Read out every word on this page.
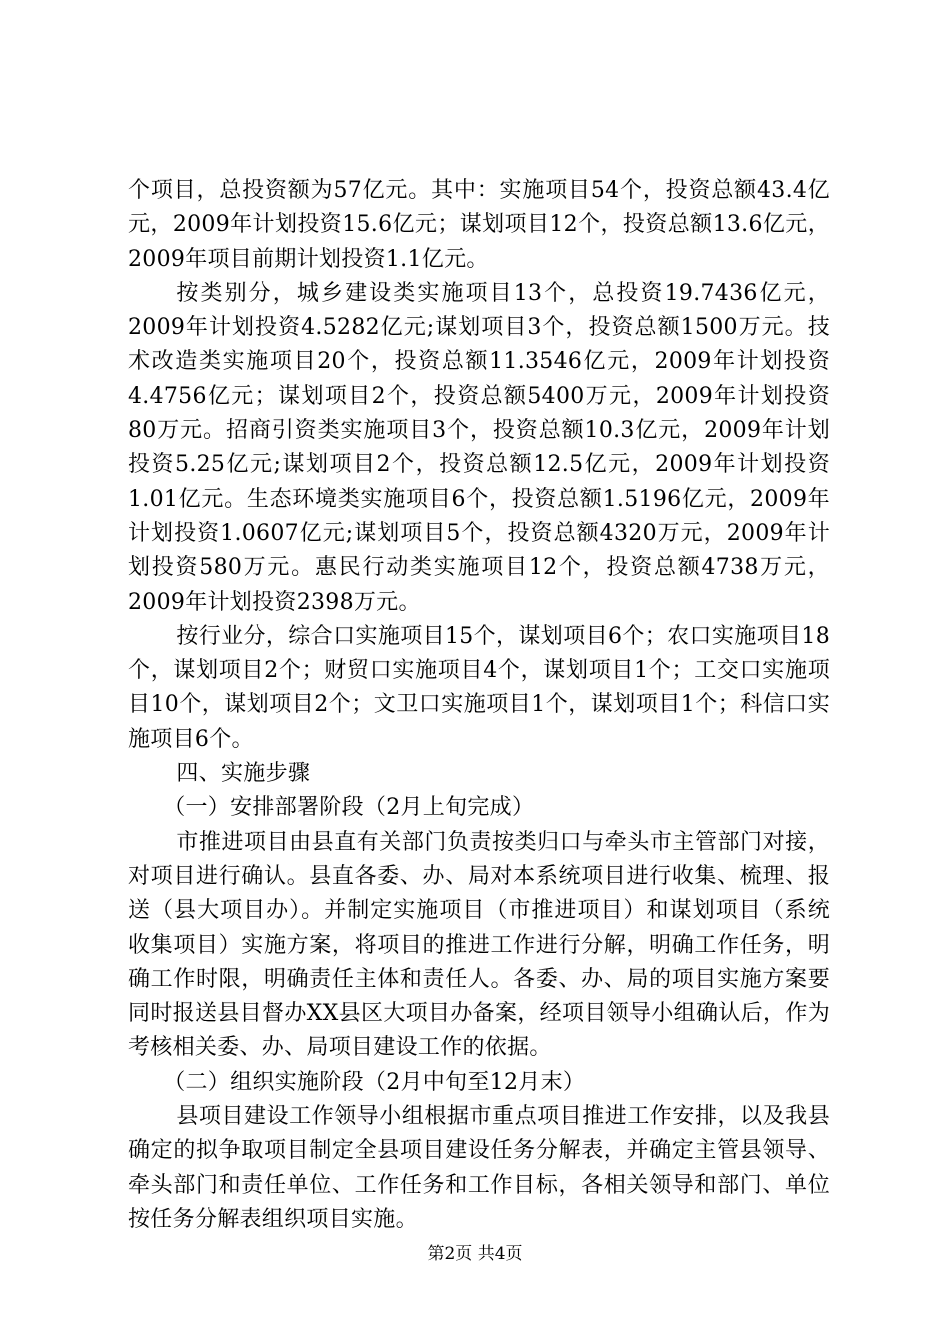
个项目，总投资额为57亿元。其中：实施项目54个，投资总额43.4亿元，2009年计划投资15.6亿元；谋划项目12个，投资总额13.6亿元，2009年项目前期计划投资1.1亿元。

按类别分，城乡建设类实施项目13个，总投资19.7436亿元，2009年计划投资4.5282亿元;谋划项目3个，投资总额1500万元。技术改造类实施项目20个，投资总额11.3546亿元，2009年计划投资4.4756亿元；谋划项目2个，投资总额5400万元，2009年计划投资80万元。招商引资类实施项目3个，投资总额10.3亿元，2009年计划投资5.25亿元;谋划项目2个，投资总额12.5亿元，2009年计划投资1.01亿元。生态环境类实施项目6个，投资总额1.5196亿元，2009年计划投资1.0607亿元;谋划项目5个，投资总额4320万元，2009年计划投资580万元。惠民行动类实施项目12个，投资总额4738万元，2009年计划投资2398万元。

按行业分，综合口实施项目15个，谋划项目6个；农口实施项目18个，谋划项目2个；财贸口实施项目4个，谋划项目1个；工交口实施项目10个，谋划项目2个；文卫口实施项目1个，谋划项目1个；科信口实施项目6个。

四、实施步骤

（一）安排部署阶段（2月上旬完成）

市推进项目由县直有关部门负责按类归口与牵头市主管部门对接，对项目进行确认。县直各委、办、局对本系统项目进行收集、梳理、报送（县大项目办）。并制定实施项目（市推进项目）和谋划项目（系统收集项目）实施方案，将项目的推进工作进行分解，明确工作任务，明确工作时限，明确责任主体和责任人。各委、办、局的项目实施方案要同时报送县目督办XX县区大项目办备案，经项目领导小组确认后，作为考核相关委、办、局项目建设工作的依据。

（二）组织实施阶段（2月中旬至12月末）

县项目建设工作领导小组根据市重点项目推进工作安排，以及我县确定的拟争取项目制定全县项目建设任务分解表，并确定主管县领导、牵头部门和责任单位、工作任务和工作目标，各相关领导和部门、单位按任务分解表组织项目实施。

第2页 共4页
